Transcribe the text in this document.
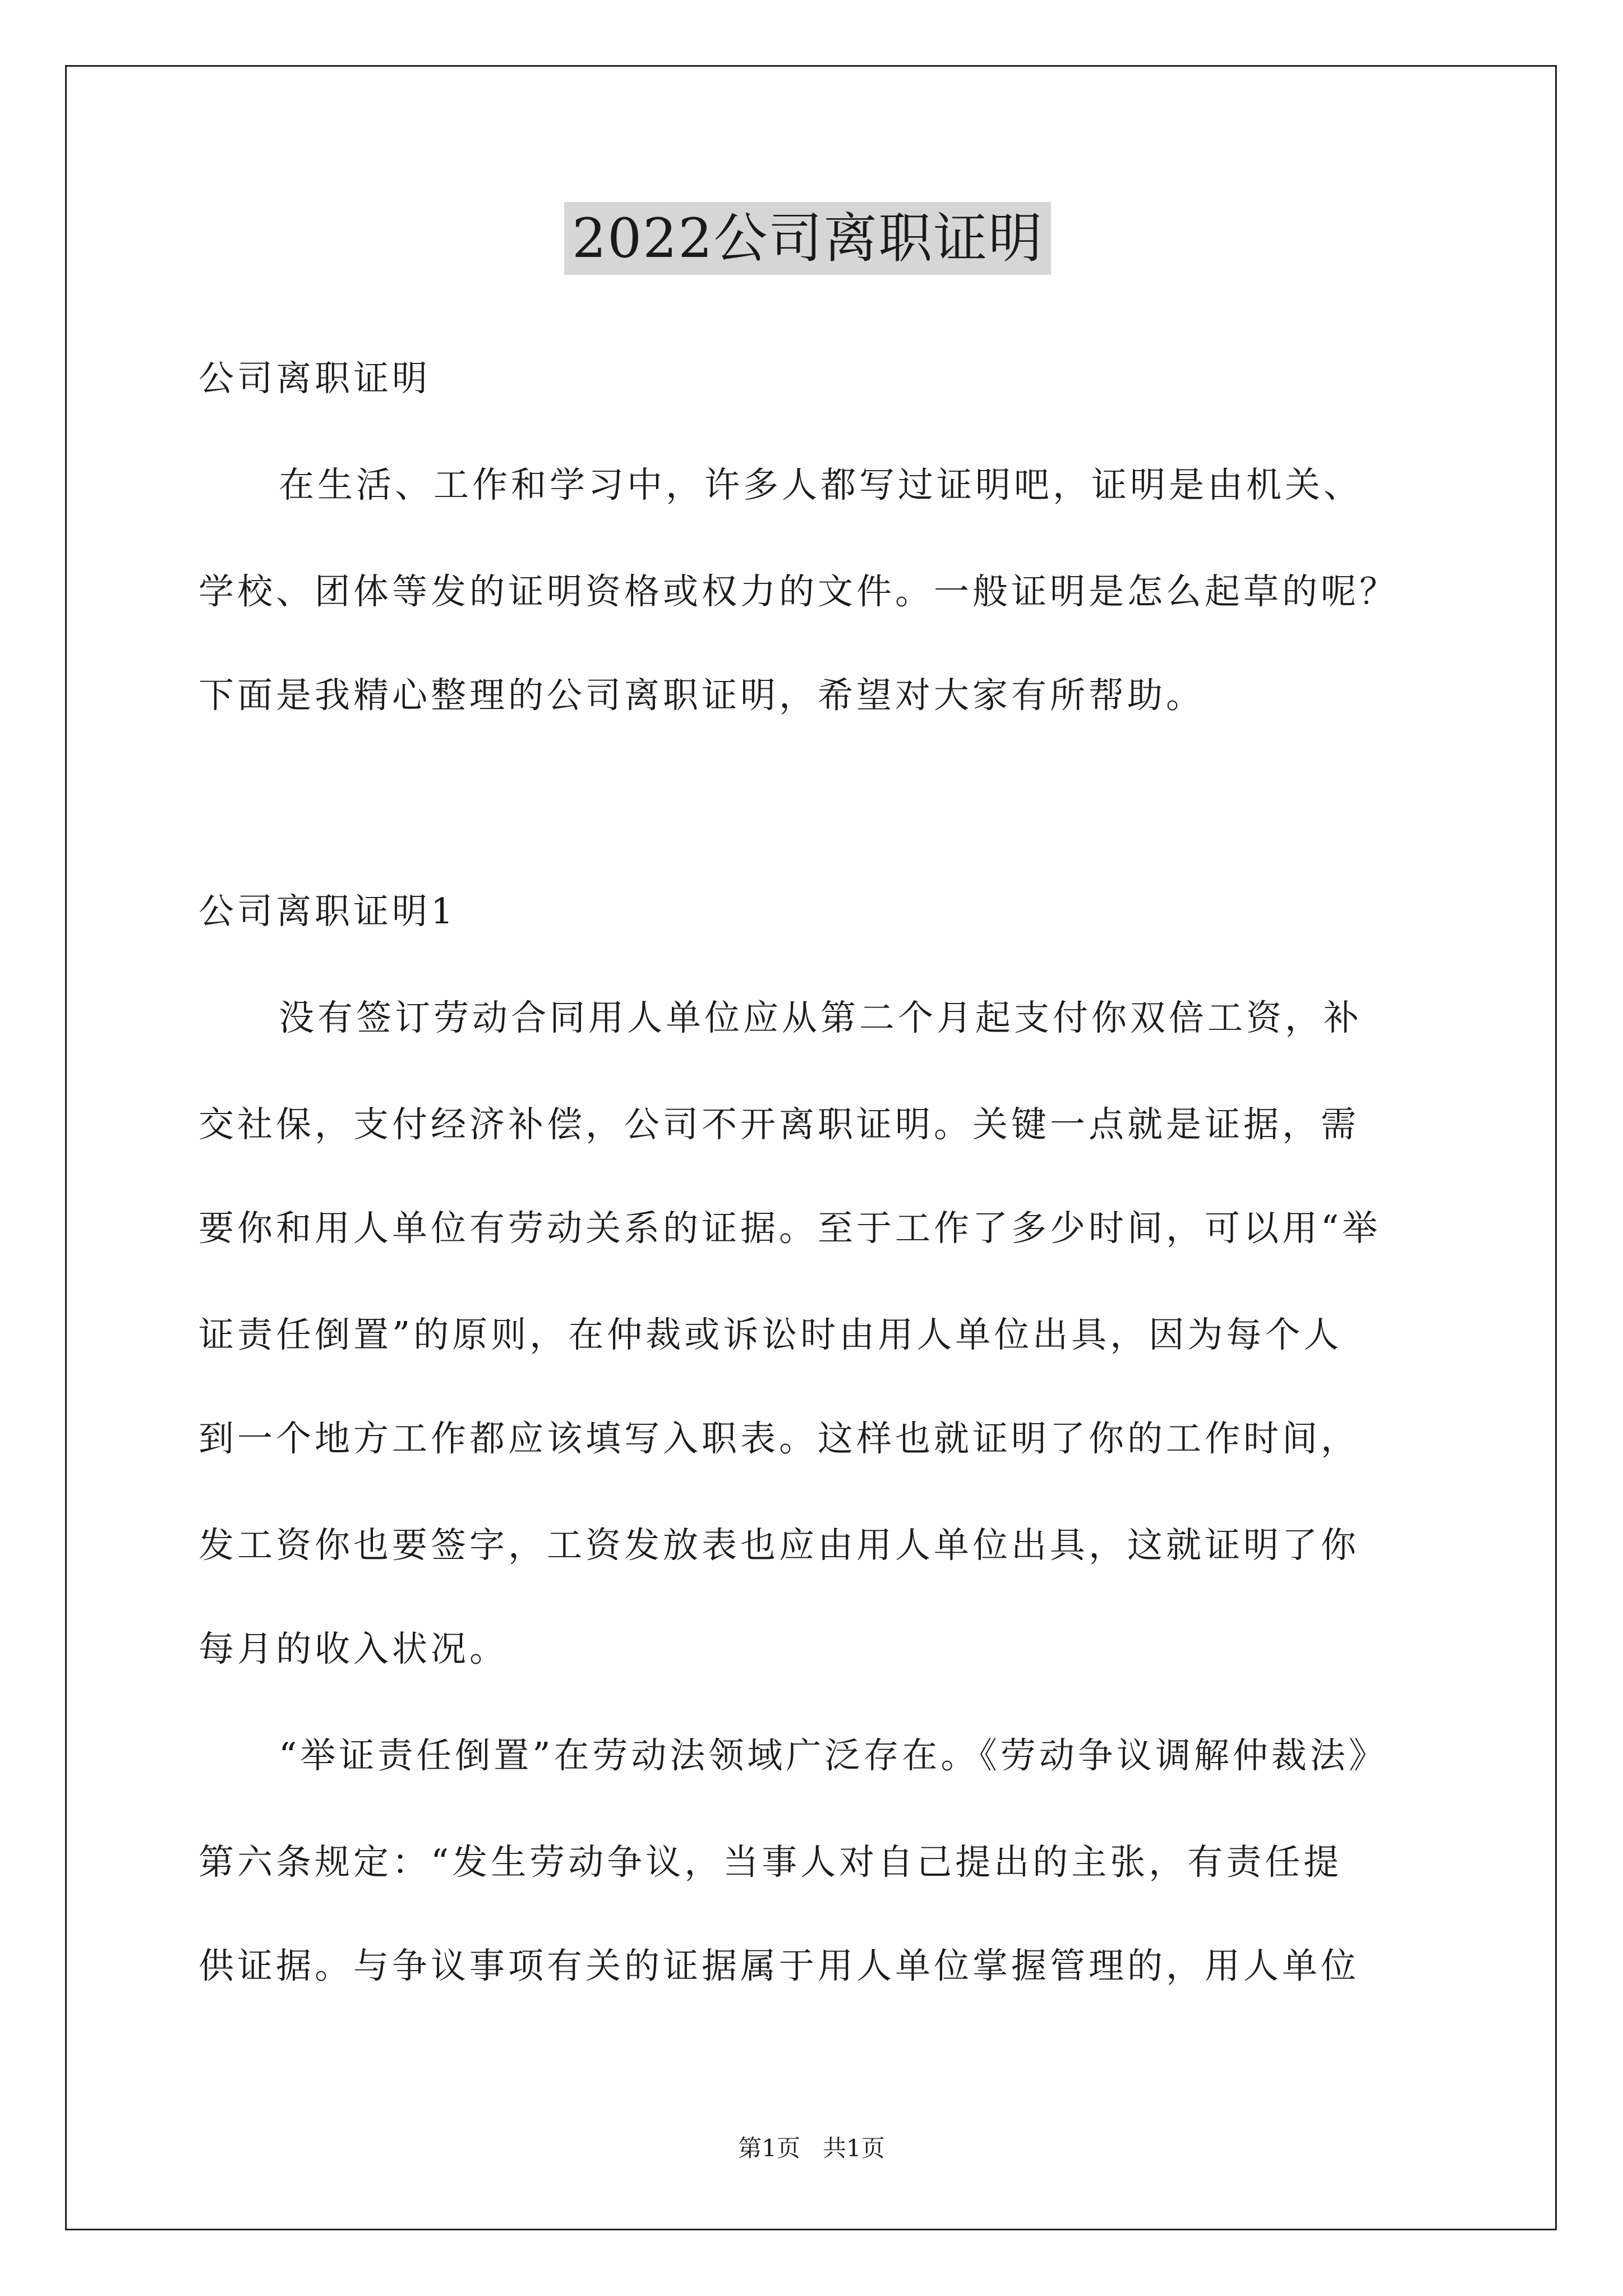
2022公司离职证明
公司离职证明
在生活、工作和学习中，许多人都写过证明吧，证明是由机关、
学校、团体等发的证明资格或权力的文件。一般证明是怎么起草的呢？
下面是我精心整理的公司离职证明，希望对大家有所帮助。
公司离职证明1
没有签订劳动合同用人单位应从第二个月起支付你双倍工资，补
交社保，支付经济补偿，公司不开离职证明。关键一点就是证据，需
要你和用人单位有劳动关系的证据。至于工作了多少时间，可以用“举
证责任倒置”的原则，在仲裁或诉讼时由用人单位出具，因为每个人
到一个地方工作都应该填写入职表。这样也就证明了你的工作时间，
发工资你也要签字，工资发放表也应由用人单位出具，这就证明了你
每月的收入状况。
“举证责任倒置”在劳动法领域广泛存在。《劳动争议调解仲裁法》
第六条规定：“发生劳动争议，当事人对自己提出的主张，有责任提
供证据。与争议事项有关的证据属于用人单位掌握管理的，用人单位
第1页   共1页
